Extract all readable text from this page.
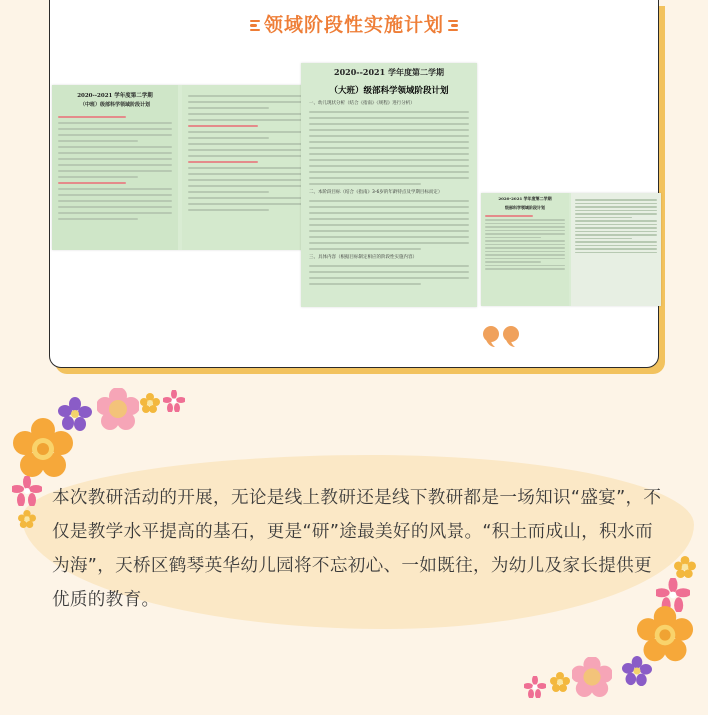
领域阶段性实施计划
2020--2021 学年度第二学期
（中班）级部科学领域阶段计划
2020--2021 学年度第二学期
（大班）级部科学领域阶段计划
一、幼儿现状分析（结合《指南》《规程》进行分析）
二、本阶段目标（结合《指南》3-6岁的年龄特点及学期目标而定）
三、具体内容（根据目标制定相应的阶段性实施内容）
2020-2021 学年度第二学期
级部科学领域阶段计划
本次教研活动的开展，无论是线上教研还是线下教研都是一场知识“盛宴”，不仅是教学水平提高的基石，更是“研”途最美好的风景。“积土而成山，积水而为海”，天桥区鹤琴英华幼儿园将不忘初心、一如既往，为幼儿及家长提供更优质的教育。
